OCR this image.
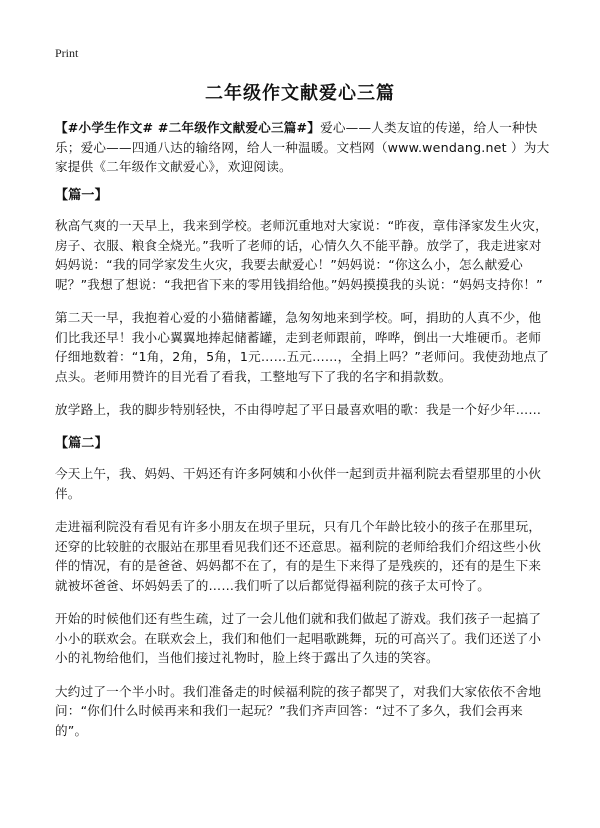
Print
二年级作文献爱心三篇

【#小学生作文# #二年级作文献爱心三篇#】爱心——人类友谊的传递，给人一种快乐；爱心——四通八达的输络网，给人一种温暖。文档网（www.wendang.net ）为大家提供《二年级作文献爱心》，欢迎阅读。

【篇一】

秋高气爽的一天早上，我来到学校。老师沉重地对大家说：“昨夜，章伟泽家发生火灾，房子、衣服、粮食全烧光。”我听了老师的话，心情久久不能平静。放学了，我走进家对妈妈说：“我的同学家发生火灾，我要去献爱心！”妈妈说：“你这么小，怎么献爱心呢？”我想了想说：“我把省下来的零用钱捐给他。”妈妈摸摸我的头说：“妈妈支持你！”

第二天一早，我抱着心爱的小猫储蓄罐，急匆匆地来到学校。呵，捐助的人真不少，他们比我还早！我小心翼翼地捧起储蓄罐，走到老师跟前，哗哗，倒出一大堆硬币。老师仔细地数着：“1角，2角，5角，1元……五元……，全捐上吗？”老师问。我使劲地点了点头。老师用赞许的目光看了看我，工整地写下了我的名字和捐款数。

放学路上，我的脚步特别轻快，不由得哼起了平日最喜欢唱的歌：我是一个好少年……

【篇二】

今天上午，我、妈妈、干妈还有许多阿姨和小伙伴一起到贡井福利院去看望那里的小伙伴。

走进福利院没有看见有许多小朋友在坝子里玩，只有几个年龄比较小的孩子在那里玩，还穿的比较脏的衣服站在那里看见我们还不还意思。福利院的老师给我们介绍这些小伙伴的情况，有的是爸爸、妈妈都不在了，有的是生下来得了是残疾的，还有的是生下来就被坏爸爸、坏妈妈丢了的……我们听了以后都觉得福利院的孩子太可怜了。

开始的时候他们还有些生疏，过了一会儿他们就和我们做起了游戏。我们孩子一起搞了小小的联欢会。在联欢会上，我们和他们一起唱歌跳舞，玩的可高兴了。我们还送了小小的礼物给他们，当他们接过礼物时，脸上终于露出了久违的笑容。

大约过了一个半小时。我们准备走的时候福利院的孩子都哭了，对我们大家依依不舍地问：“你们什么时候再来和我们一起玩？”我们齐声回答：“过不了多久，我们会再来的”。
